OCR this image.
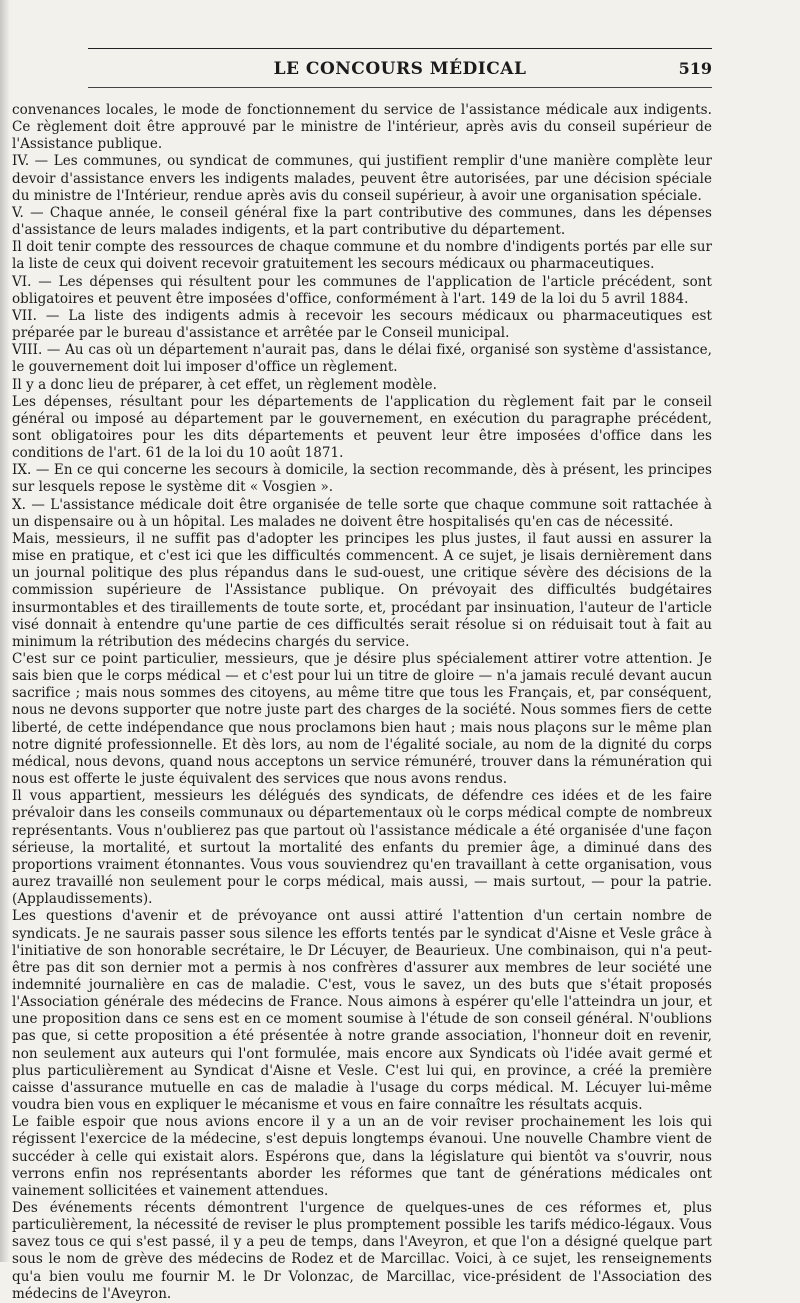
LE CONCOURS MÉDICAL	519

convenances locales, le mode de fonctionnement du service de l'assistance médicale aux indigents. Ce règlement doit être approuvé par le ministre de l'intérieur, après avis du conseil supérieur de l'Assistance publique.

IV. — Les communes, ou syndicat de communes, qui justifient remplir d'une manière complète leur devoir d'assistance envers les indigents malades, peuvent être autorisées, par une décision spéciale du ministre de l'Intérieur, rendue après avis du conseil supérieur, à avoir une organisation spéciale.

V. — Chaque année, le conseil général fixe la part contributive des communes, dans les dépenses d'assistance de leurs malades indigents, et la part contributive du département.

Il doit tenir compte des ressources de chaque commune et du nombre d'indigents portés par elle sur la liste de ceux qui doivent recevoir gratuitement les secours médicaux ou pharmaceutiques.

VI. — Les dépenses qui résultent pour les communes de l'application de l'article précédent, sont obligatoires et peuvent être imposées d'office, conformément à l'art. 149 de la loi du 5 avril 1884.

VII. — La liste des indigents admis à recevoir les secours médicaux ou pharmaceutiques est préparée par le bureau d'assistance et arrêtée par le Conseil municipal.

VIII. — Au cas où un département n'aurait pas, dans le délai fixé, organisé son système d'assistance, le gouvernement doit lui imposer d'office un règlement.

Il y a donc lieu de préparer, à cet effet, un règlement modèle.

Les dépenses, résultant pour les départements de l'application du règlement fait par le conseil général ou imposé au département par le gouvernement, en exécution du paragraphe précédent, sont obligatoires pour les dits départements et peuvent leur être imposées d'office dans les conditions de l'art. 61 de la loi du 10 août 1871.

IX. — En ce qui concerne les secours à domicile, la section recommande, dès à présent, les principes sur lesquels repose le système dit « Vosgien ».

X. — L'assistance médicale doit être organisée de telle sorte que chaque commune soit rattachée à un dispensaire ou à un hôpital. Les malades ne doivent être hospitalisés qu'en cas de nécessité.

Mais, messieurs, il ne suffit pas d'adopter les principes les plus justes, il faut aussi en assurer la mise en pratique, et c'est ici que les difficultés commencent. A ce sujet, je lisais dernièrement dans un journal politique des plus répandus dans le sud-ouest, une critique sévère des décisions de la commission supérieure de l'Assistance publique. On prévoyait des difficultés budgétaires insurmontables et des tiraillements de toute sorte, et, procédant par insinuation, l'auteur de l'article visé donnait à entendre qu'une partie de ces difficultés serait résolue si on réduisait tout à fait au minimum la rétribution des médecins chargés du service.

C'est sur ce point particulier, messieurs, que je désire plus spécialement attirer votre attention. Je sais bien que le corps médical — et c'est pour lui un titre de gloire — n'a jamais reculé devant aucun sacrifice ; mais nous sommes des citoyens, au même titre que tous les Français, et, par conséquent, nous ne devons supporter que notre juste part des charges de la société. Nous sommes fiers de cette liberté, de cette indépendance que nous proclamons bien haut ; mais nous plaçons sur le même plan notre dignité professionnelle. Et dès lors, au nom de l'égalité sociale, au nom de la dignité du corps médical, nous devons, quand nous acceptons un service rémunéré, trouver dans la rémunération qui nous est offerte le juste équivalent des services que nous avons rendus.

Il vous appartient, messieurs les délégués des syndicats, de défendre ces idées et de les faire prévaloir dans les conseils communaux ou départementaux où le corps médical compte de nombreux représentants. Vous n'oublierez pas que partout où l'assistance médicale a été organisée d'une façon sérieuse, la mortalité, et surtout la mortalité des enfants du premier âge, a diminué dans des proportions vraiment étonnantes. Vous vous souviendrez qu'en travaillant à cette organisation, vous aurez travaillé non seulement pour le corps médical, mais aussi, — mais surtout, — pour la patrie. (Applaudissements).

Les questions d'avenir et de prévoyance ont aussi attiré l'attention d'un certain nombre de syndicats. Je ne saurais passer sous silence les efforts tentés par le syndicat d'Aisne et Vesle grâce à l'initiative de son honorable secrétaire, le Dr Lécuyer, de Beaurieux. Une combinaison, qui n'a peut-être pas dit son dernier mot a permis à nos confrères d'assurer aux membres de leur société une indemnité journalière en cas de maladie. C'est, vous le savez, un des buts que s'était proposés l'Association générale des médecins de France. Nous aimons à espérer qu'elle l'atteindra un jour, et une proposition dans ce sens est en ce moment soumise à l'étude de son conseil général. N'oublions pas que, si cette proposition a été présentée à notre grande association, l'honneur doit en revenir, non seulement aux auteurs qui l'ont formulée, mais encore aux Syndicats où l'idée avait germé et plus particulièrement au Syndicat d'Aisne et Vesle. C'est lui qui, en province, a créé la première caisse d'assurance mutuelle en cas de maladie à l'usage du corps médical. M. Lécuyer lui-même voudra bien vous en expliquer le mécanisme et vous en faire connaître les résultats acquis.

Le faible espoir que nous avions encore il y a un an de voir reviser prochainement les lois qui régissent l'exercice de la médecine, s'est depuis longtemps évanoui. Une nouvelle Chambre vient de succéder à celle qui existait alors. Espérons que, dans la législature qui bientôt va s'ouvrir, nous verrons enfin nos représentants aborder les réformes que tant de générations médicales ont vainement sollicitées et vainement attendues.

Des événements récents démontrent l'urgence de quelques-unes de ces réformes et, plus particulièrement, la nécessité de reviser le plus promptement possible les tarifs médico-légaux. Vous savez tous ce qui s'est passé, il y a peu de temps, dans l'Aveyron, et que l'on a désigné quelque part sous le nom de grève des médecins de Rodez et de Marcillac. Voici, à ce sujet, les renseignements qu'a bien voulu me fournir M. le Dr Volonzac, de Marcillac, vice-président de l'Association des médecins de l'Aveyron.
